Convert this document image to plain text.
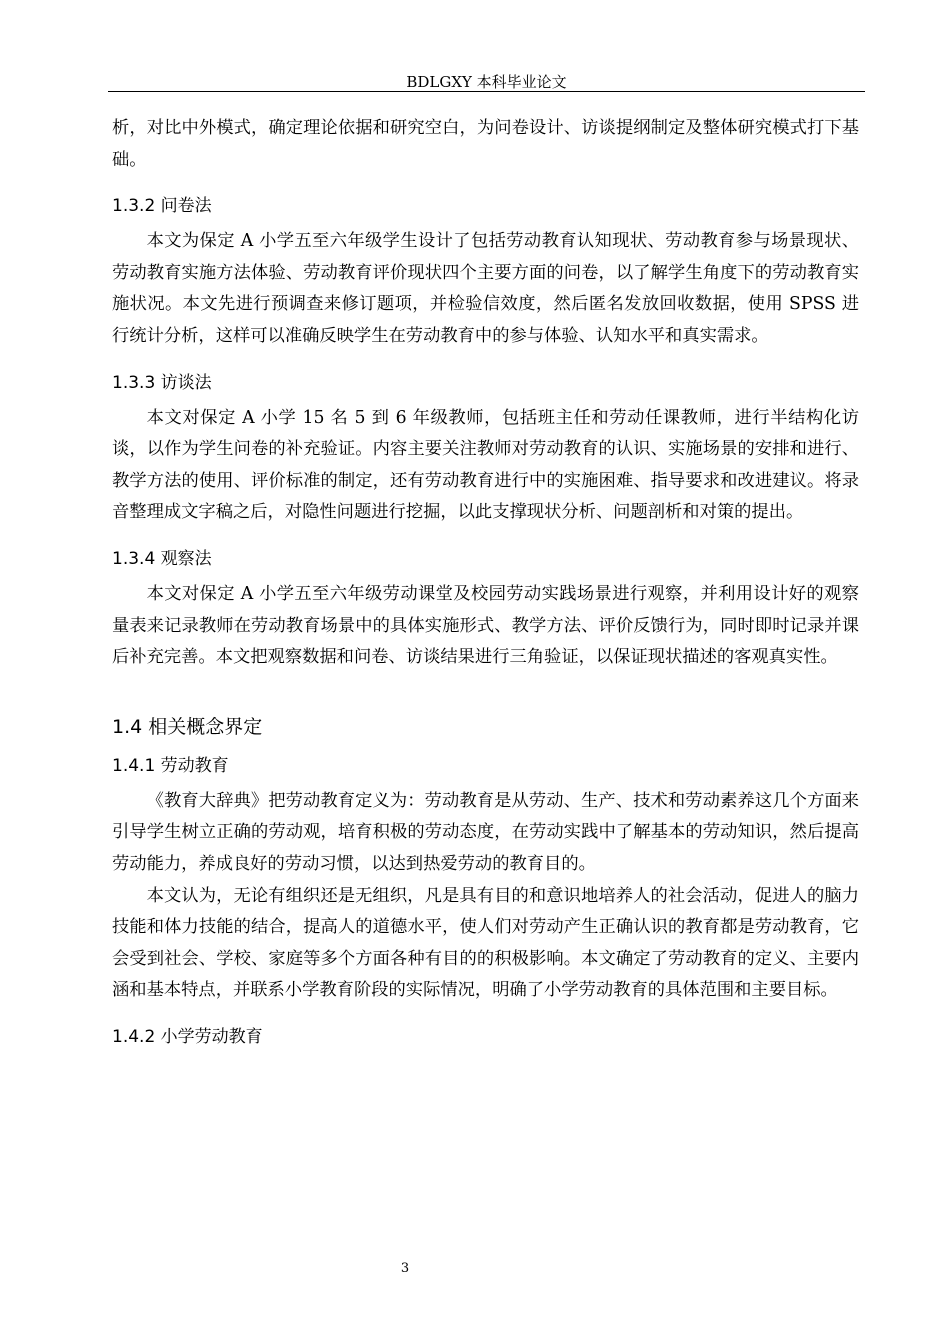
BDLGXY 本科毕业论文

析，对比中外模式，确定理论依据和研究空白，为问卷设计、访谈提纲制定及整体研究模式打下基础。

1.3.2 问卷法

本文为保定 A 小学五至六年级学生设计了包括劳动教育认知现状、劳动教育参与场景现状、劳动教育实施方法体验、劳动教育评价现状四个主要方面的问卷，以了解学生角度下的劳动教育实施状况。本文先进行预调查来修订题项，并检验信效度，然后匿名发放回收数据，使用 SPSS 进行统计分析，这样可以准确反映学生在劳动教育中的参与体验、认知水平和真实需求。

1.3.3 访谈法

本文对保定 A 小学 15 名 5 到 6 年级教师，包括班主任和劳动任课教师，进行半结构化访谈，以作为学生问卷的补充验证。内容主要关注教师对劳动教育的认识、实施场景的安排和进行、教学方法的使用、评价标准的制定，还有劳动教育进行中的实施困难、指导要求和改进建议。将录音整理成文字稿之后，对隐性问题进行挖掘，以此支撑现状分析、问题剖析和对策的提出。

1.3.4 观察法

本文对保定 A 小学五至六年级劳动课堂及校园劳动实践场景进行观察，并利用设计好的观察量表来记录教师在劳动教育场景中的具体实施形式、教学方法、评价反馈行为，同时即时记录并课后补充完善。本文把观察数据和问卷、访谈结果进行三角验证，以保证现状描述的客观真实性。

1.4 相关概念界定
1.4.1 劳动教育

《教育大辞典》把劳动教育定义为：劳动教育是从劳动、生产、技术和劳动素养这几个方面来引导学生树立正确的劳动观，培育积极的劳动态度，在劳动实践中了解基本的劳动知识，然后提高劳动能力，养成良好的劳动习惯，以达到热爱劳动的教育目的。

本文认为，无论有组织还是无组织，凡是具有目的和意识地培养人的社会活动，促进人的脑力技能和体力技能的结合，提高人的道德水平，使人们对劳动产生正确认识的教育都是劳动教育，它会受到社会、学校、家庭等多个方面各种有目的的积极影响。本文确定了劳动教育的定义、主要内涵和基本特点，并联系小学教育阶段的实际情况，明确了小学劳动教育的具体范围和主要目标。

1.4.2 小学劳动教育
3
